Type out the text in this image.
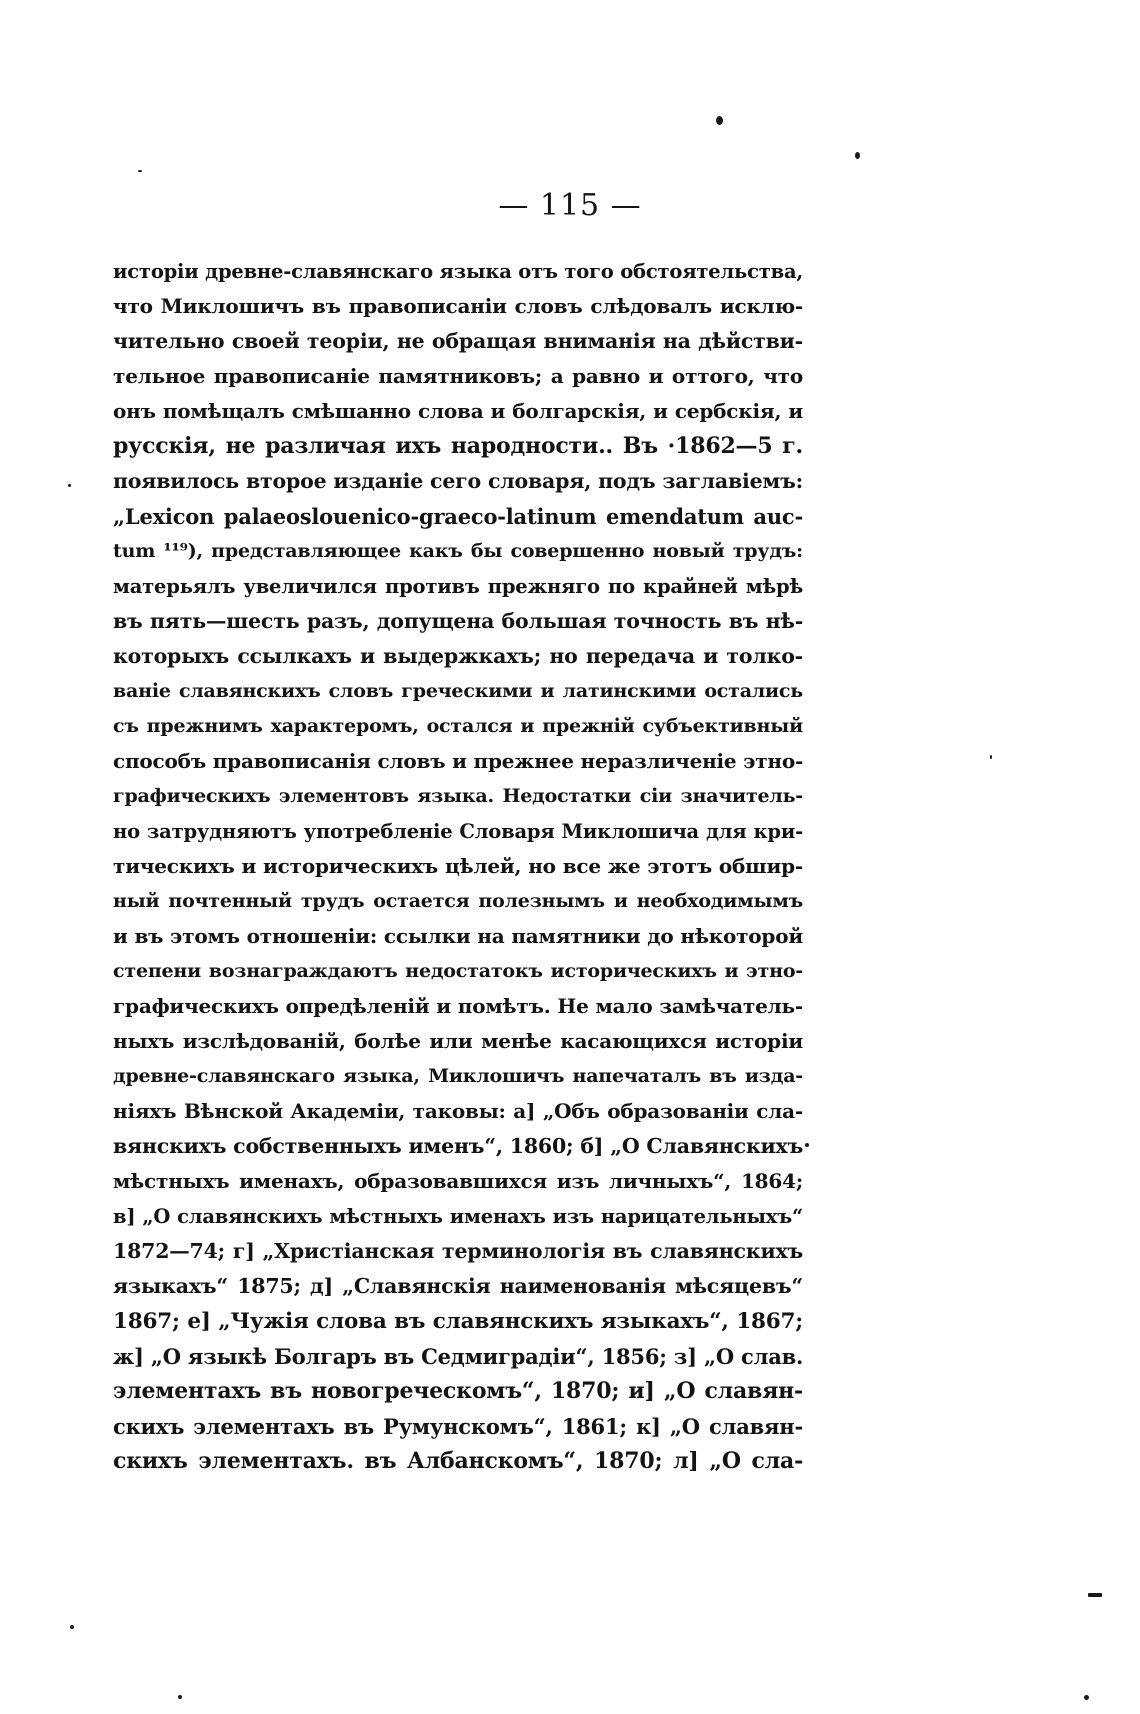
— 115 —
исторіи древне-славянскаго языка отъ того обстоятельства,
что Миклошичъ въ правописаніи словъ слѣдовалъ исклю-
чительно своей теоріи, не обращая вниманія на дѣйстви-
тельное правописаніе памятниковъ; а равно и оттого, что
онъ помѣщалъ смѣшанно слова и болгарскія, и сербскія, и
русскія, не различая ихъ народности.. Въ ·1862—5 г.
появилось второе изданіе сего словаря, подъ заглавіемъ:
„Lexicon palaeoslouenico-graeco-latinum emendatum auc-
tum ¹¹⁹), представляющее какъ бы совершенно новый трудъ:
матерьялъ увеличился противъ прежняго по крайней мѣрѣ
въ пять—шесть разъ, допущена большая точность въ нѣ-
которыхъ ссылкахъ и выдержкахъ; но передача и толко-
ваніе славянскихъ словъ греческими и латинскими остались
съ прежнимъ характеромъ, остался и прежній субъективный
способъ правописанія словъ и прежнее неразличеніе этно-
графическихъ элементовъ языка. Недостатки сіи значитель-
но затрудняютъ употребленіе Словаря Миклошича для кри-
тическихъ и историческихъ цѣлей, но все же этотъ обшир-
ный почтенный трудъ остается полезнымъ и необходимымъ
и въ этомъ отношеніи: ссылки на памятники до нѣкоторой
степени вознаграждаютъ недостатокъ историческихъ и этно-
графическихъ опредѣленій и помѣтъ. Не мало замѣчатель-
ныхъ изслѣдованій, болѣе или менѣе касающихся исторіи
древне-славянскаго языка, Миклошичъ напечаталъ въ изда-
ніяхъ Вѣнской Академіи, таковы: а] „Объ образованіи сла-
вянскихъ собственныхъ именъ“, 1860; б] „О Славянскихъ
мѣстныхъ именахъ, образовавшихся изъ личныхъ“, 1864;
в] „О славянскихъ мѣстныхъ именахъ изъ нарицательныхъ“
1872—74; г] „Христіанская терминологія въ славянскихъ
языкахъ“ 1875; д] „Славянскія наименованія мѣсяцевъ“
1867; е] „Чужія слова въ славянскихъ языкахъ“, 1867;
ж] „О языкѣ Болгаръ въ Седмиградіи“, 1856; з] „О слав.
элементахъ въ новогреческомъ“, 1870; и] „О славян-
скихъ элементахъ въ Румунскомъ“, 1861; к] „О славян-
скихъ элементахъ. въ Албанскомъ“, 1870; л] „О сла-
